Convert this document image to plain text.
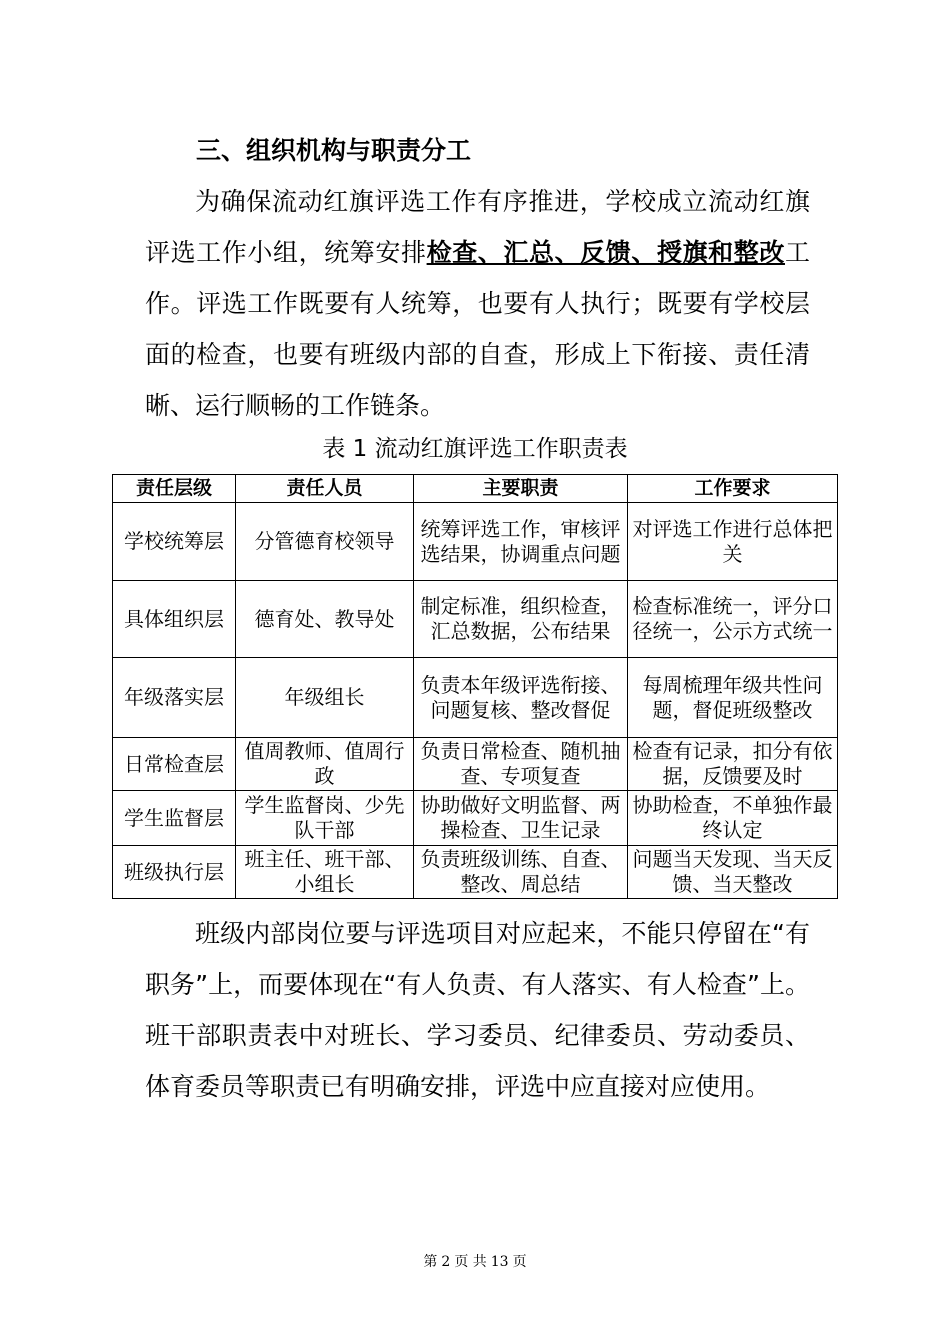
三、组织机构与职责分工

为确保流动红旗评选工作有序推进，学校成立流动红旗评选工作小组，统筹安排检查、汇总、反馈、授旗和整改工作。评选工作既要有人统筹，也要有人执行；既要有学校层面的检查，也要有班级内部的自查，形成上下衔接、责任清晰、运行顺畅的工作链条。

表 1 流动红旗评选工作职责表
责任层级	责任人员	主要职责	工作要求
学校统筹层	分管德育校领导	统筹评选工作，审核评选结果，协调重点问题	对评选工作进行总体把关
具体组织层	德育处、教导处	制定标准，组织检查，汇总数据，公布结果	检查标准统一，评分口径统一，公示方式统一
年级落实层	年级组长	负责本年级评选衔接、问题复核、整改督促	每周梳理年级共性问题，督促班级整改
日常检查层	值周教师、值周行政	负责日常检查、随机抽查、专项复查	检查有记录，扣分有依据，反馈要及时
学生监督层	学生监督岗、少先队干部	协助做好文明监督、两操检查、卫生记录	协助检查，不单独作最终认定
班级执行层	班主任、班干部、小组长	负责班级训练、自查、整改、周总结	问题当天发现、当天反馈、当天整改

班级内部岗位要与评选项目对应起来，不能只停留在“有职务”上，而要体现在“有人负责、有人落实、有人检查”上。班干部职责表中对班长、学习委员、纪律委员、劳动委员、体育委员等职责已有明确安排，评选中应直接对应使用。

第 2 页 共 13 页
